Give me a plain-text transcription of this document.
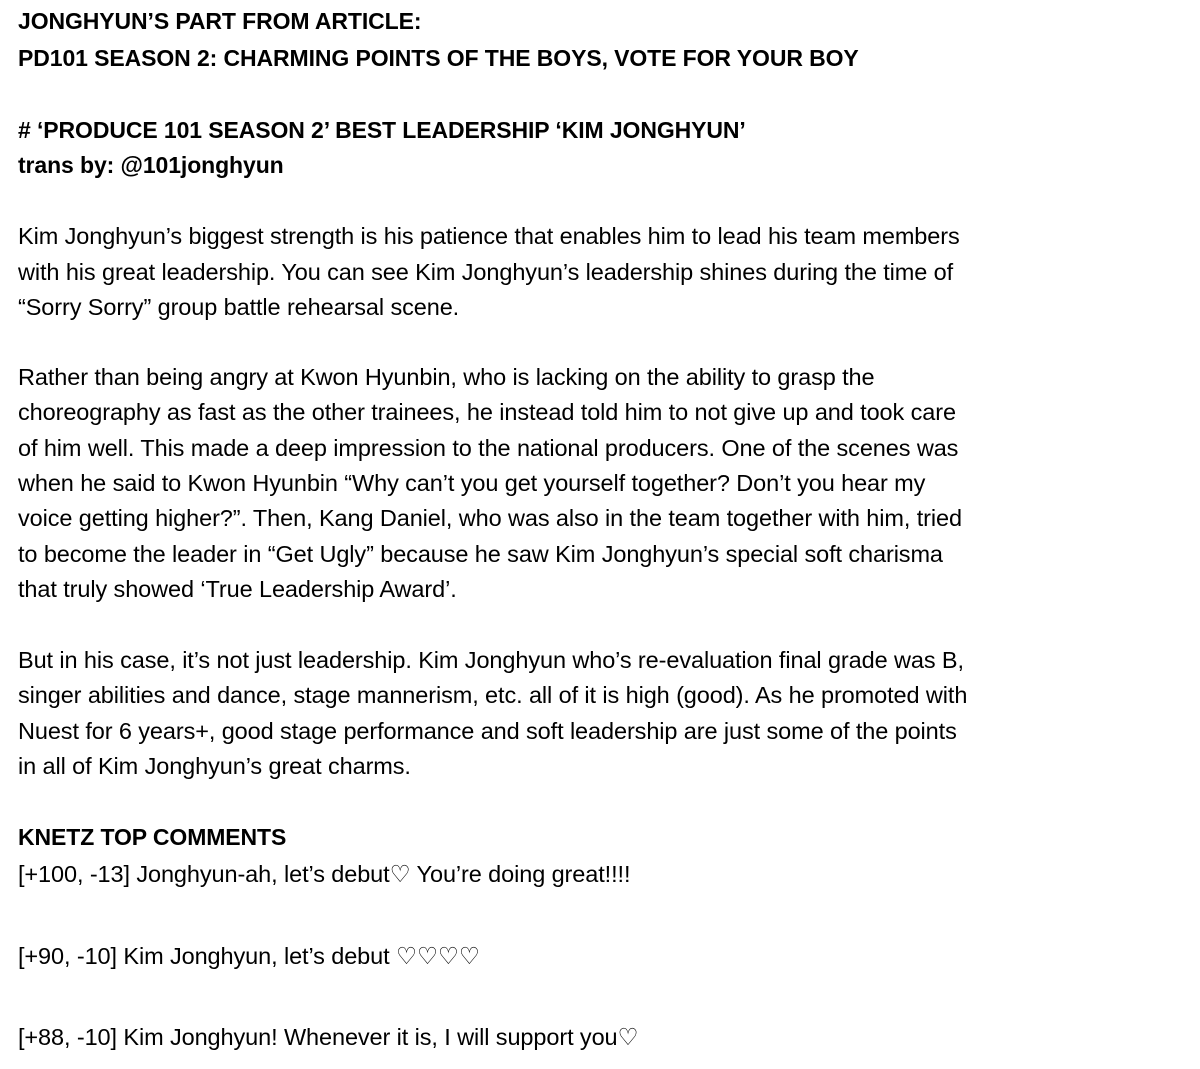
JONGHYUN’S PART FROM ARTICLE:
PD101 SEASON 2: CHARMING POINTS OF THE BOYS, VOTE FOR YOUR BOY
# ‘PRODUCE 101 SEASON 2’ BEST LEADERSHIP ‘KIM JONGHYUN’
trans by: @101jonghyun
Kim Jonghyun’s biggest strength is his patience that enables him to lead his team members
with his great leadership. You can see Kim Jonghyun’s leadership shines during the time of
“Sorry Sorry” group battle rehearsal scene.
Rather than being angry at Kwon Hyunbin, who is lacking on the ability to grasp the
choreography as fast as the other trainees, he instead told him to not give up and took care
of him well. This made a deep impression to the national producers. One of the scenes was
when he said to Kwon Hyunbin “Why can’t you get yourself together? Don’t you hear my
voice getting higher?”. Then, Kang Daniel, who was also in the team together with him, tried
to become the leader in “Get Ugly” because he saw Kim Jonghyun’s special soft charisma
that truly showed ‘True Leadership Award’.
But in his case, it’s not just leadership. Kim Jonghyun who’s re-evaluation final grade was B,
singer abilities and dance, stage mannerism, etc. all of it is high (good). As he promoted with
Nuest for 6 years+, good stage performance and soft leadership are just some of the points
in all of Kim Jonghyun’s great charms.
KNETZ TOP COMMENTS
[+100, -13] Jonghyun-ah, let’s debut♡ You’re doing great!!!!
[+90, -10] Kim Jonghyun, let’s debut ♡♡♡♡
[+88, -10] Kim Jonghyun! Whenever it is, I will support you♡
